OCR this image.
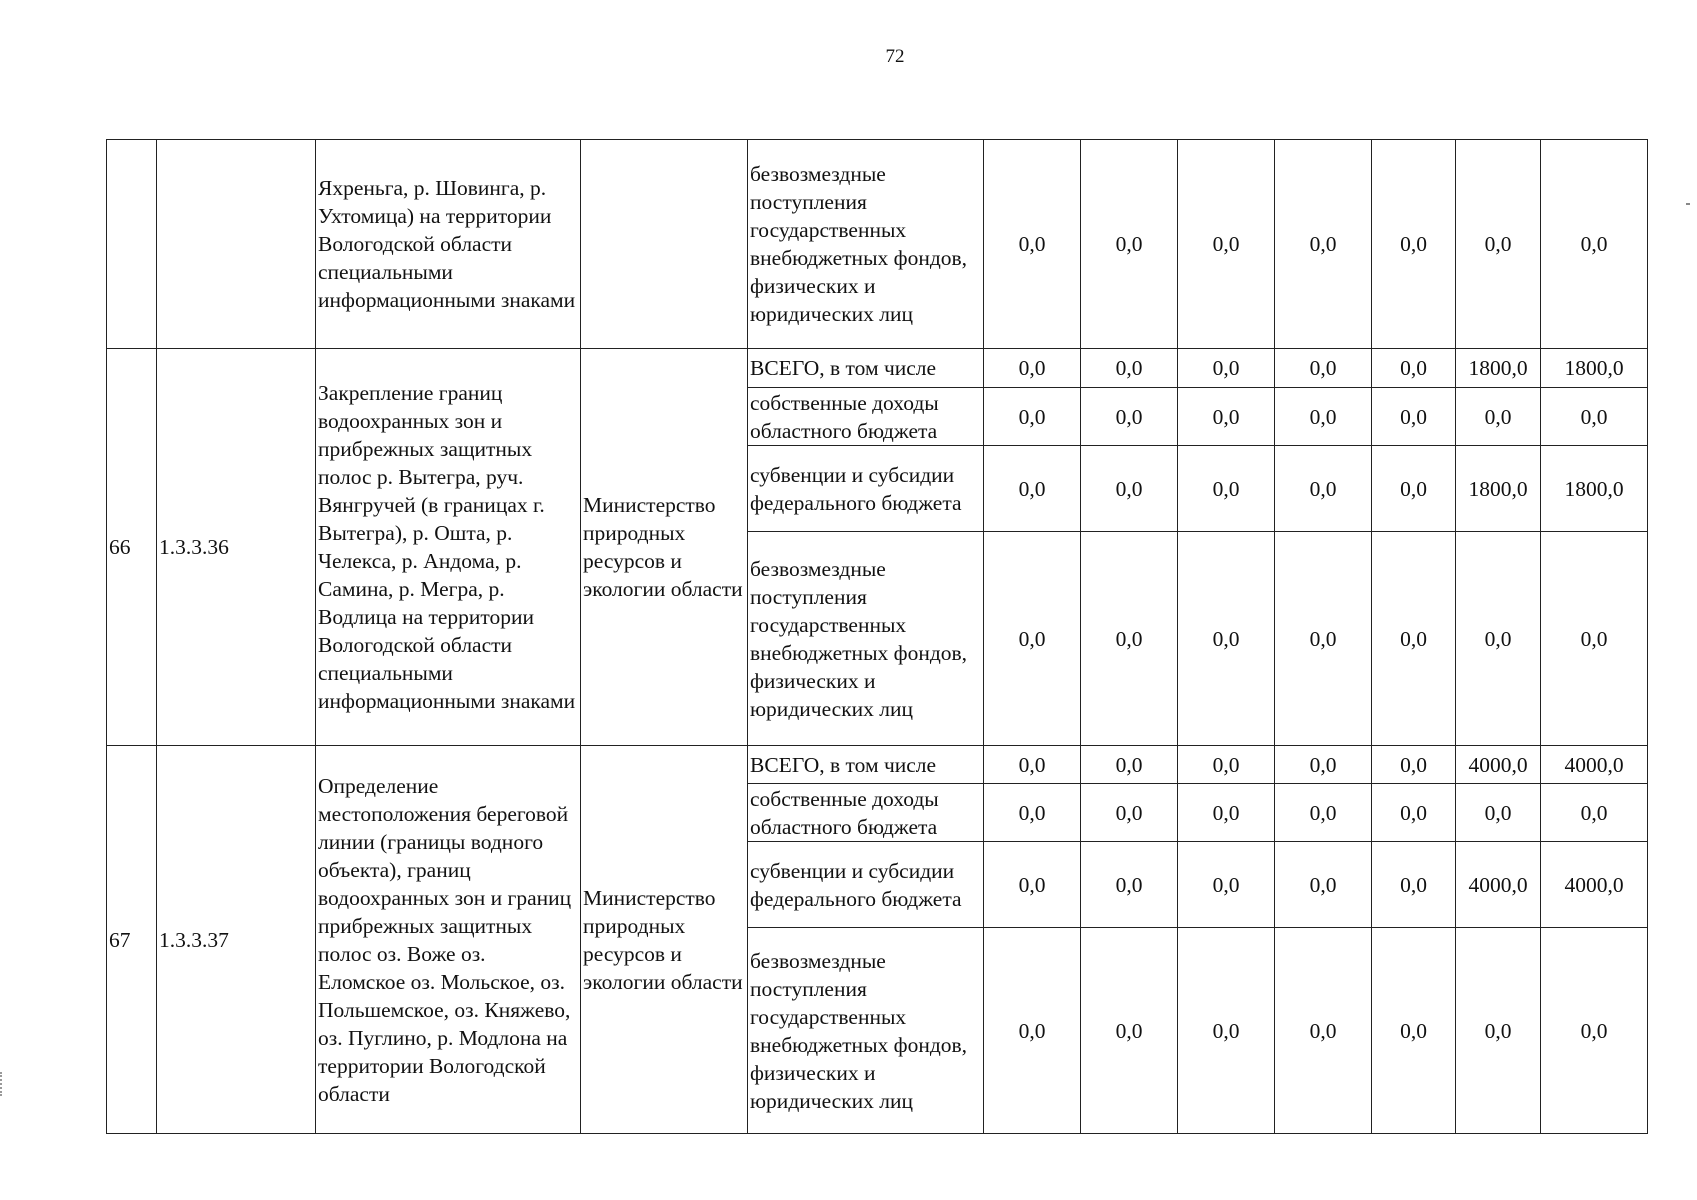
72
		Яхреньга, р. Шовинга, р. Ухтомица) на территории Вологодской области специальными информационными знаками		безвозмездные поступления государственных внебюджетных фондов, физических и юридических лиц	0,0	0,0	0,0	0,0	0,0	0,0	0,0
66	1.3.3.36	Закрепление границ водоохранных зон и прибрежных защитных полос р. Вытегра, руч. Вянгручей (в границах г. Вытегра), р. Ошта, р. Челекса, р. Андома, р. Самина, р. Мегра, р. Водлица на территории Вологодской области специальными информационными знаками	Министерство природных ресурсов и экологии области	ВСЕГО, в том числе	0,0	0,0	0,0	0,0	0,0	1800,0	1800,0
				собственные доходы областного бюджета	0,0	0,0	0,0	0,0	0,0	0,0	0,0
				субвенции и субсидии федерального бюджета	0,0	0,0	0,0	0,0	0,0	1800,0	1800,0
				безвозмездные поступления государственных внебюджетных фондов, физических и юридических лиц	0,0	0,0	0,0	0,0	0,0	0,0	0,0
67	1.3.3.37	Определение местоположения береговой линии (границы водного объекта), границ водоохранных зон и границ прибрежных защитных полос оз. Воже оз. Еломское оз. Мольское, оз. Польшемское, оз. Княжево, оз. Пуглино, р. Модлона на территории Вологодской области	Министерство природных ресурсов и экологии области	ВСЕГО, в том числе	0,0	0,0	0,0	0,0	0,0	4000,0	4000,0
				собственные доходы областного бюджета	0,0	0,0	0,0	0,0	0,0	0,0	0,0
				субвенции и субсидии федерального бюджета	0,0	0,0	0,0	0,0	0,0	4000,0	4000,0
				безвозмездные поступления государственных внебюджетных фондов, физических и юридических лиц	0,0	0,0	0,0	0,0	0,0	0,0	0,0
